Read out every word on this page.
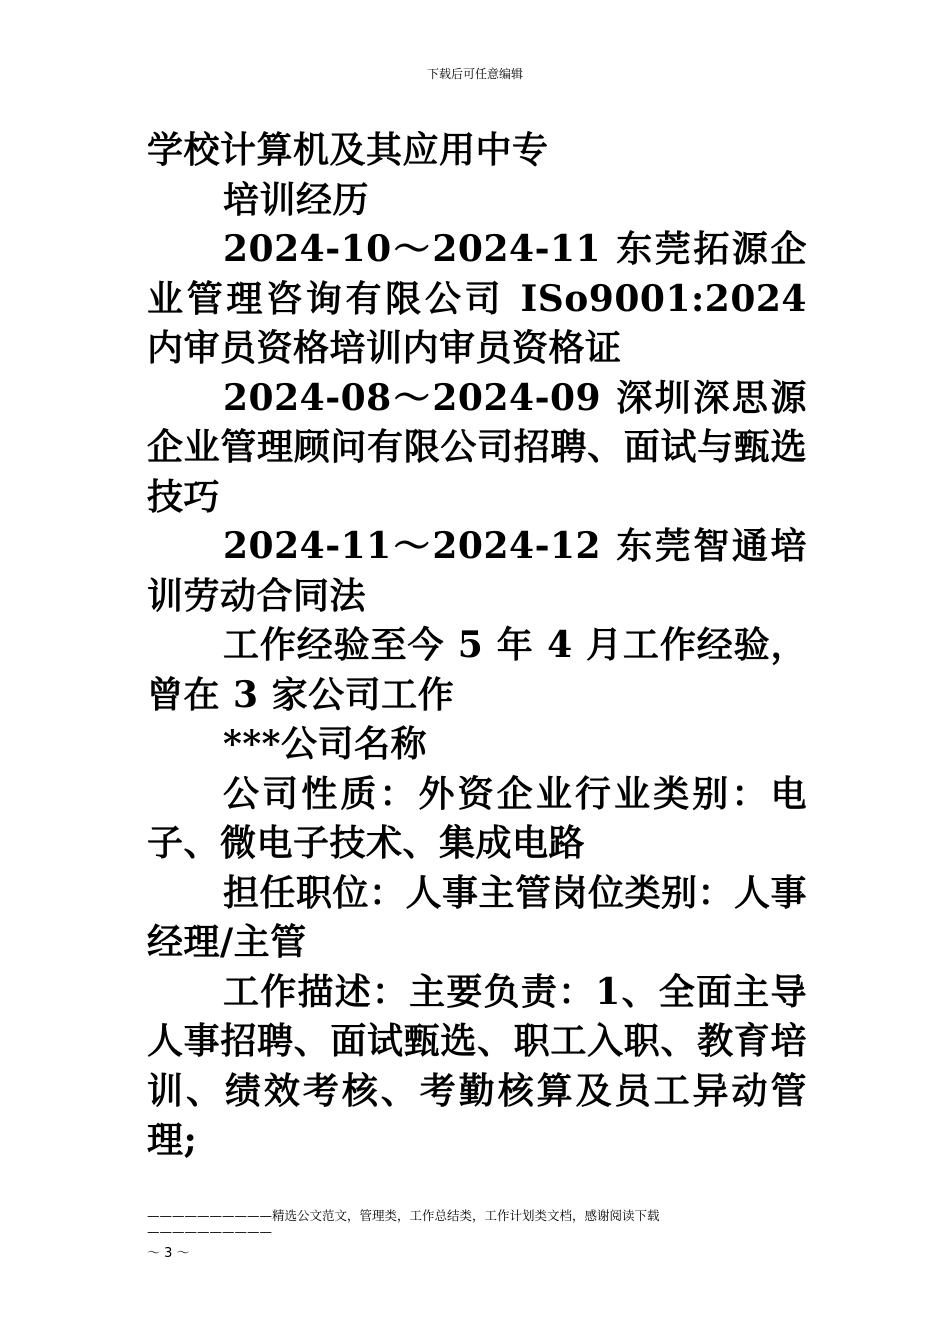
下载后可任意编辑

学校计算机及其应用中专

培训经历

2024-10～2024-11 东莞拓源企业管理咨询有限公司 ISo9001:2024 内审员资格培训内审员资格证

2024-08～2024-09 深圳深思源企业管理顾问有限公司招聘、面试与甄选技巧

2024-11～2024-12 东莞智通培训劳动合同法

工作经验至今 5 年 4 月工作经验，曾在 3 家公司工作

***公司名称

公司性质：外资企业行业类别：电子、微电子技术、集成电路

担任职位：人事主管岗位类别：人事经理/主管

工作描述：主要负责：1、全面主导人事招聘、面试甄选、职工入职、教育培训、绩效考核、考勤核算及员工异动管理;

——————————精选公文范文，管理类，工作总结类，工作计划类文档，感谢阅读下载——————————
～ 3 ～
